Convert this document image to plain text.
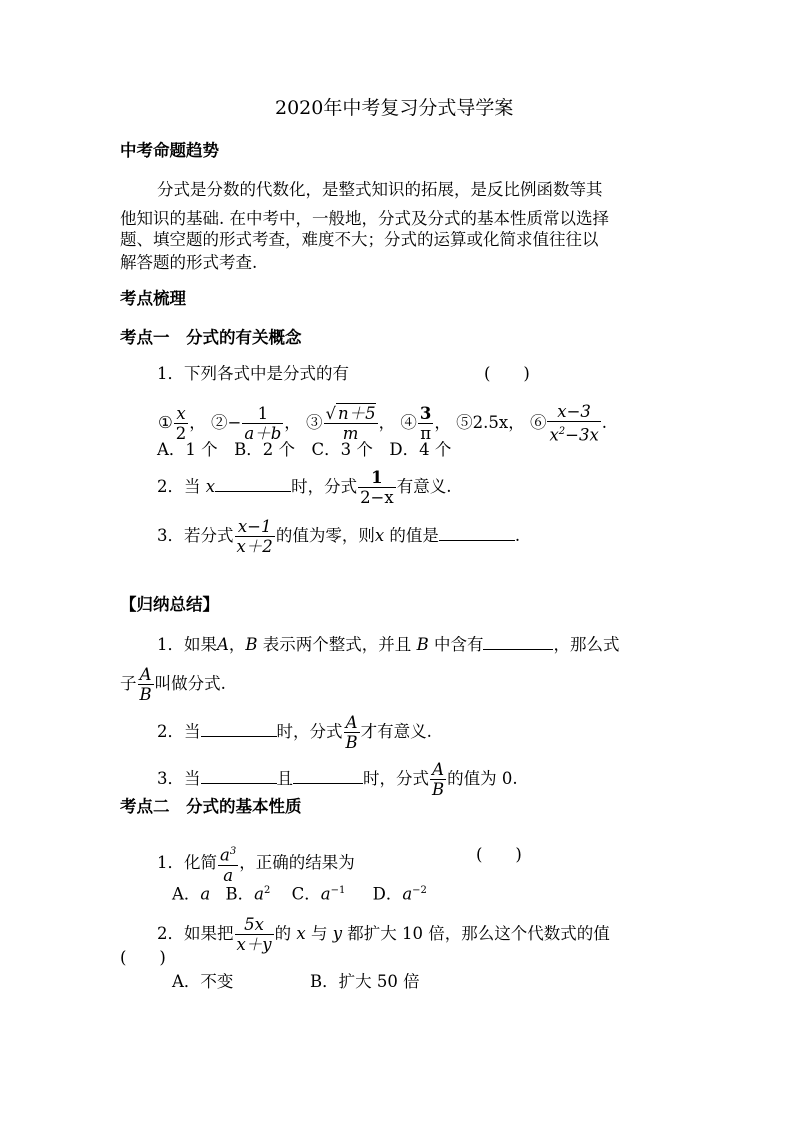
2020年中考复习分式导学案
中考命题趋势
分式是分数的代数化，是整式知识的拓展，是反比例函数等其
他知识的基础. 在中考中，一般地，分式及分式的基本性质常以选择
题、填空题的形式考查，难度不大；分式的运算或化简求值往往以
解答题的形式考查.
考点梳理
考点一　分式的有关概念
1．下列各式中是分式的有	(　　)
① $\frac{x}{2}$ ， ②− $\frac{1}{a+b}$ ， ③ $\frac{√ n+5}{m}$ ， ④ $\frac{3}{\pi}$ ， ⑤2.5x， ⑥ $\frac{x-3}{x^2-3x}$ .
A．1 个　B．2 个　C．3 个　D．4 个
2．当 x	时，分式 $\frac{1}{2-x}$ 有意义.
3．若分式 $\frac{x-1}{x+2}$ 的值为零，则x 的值是	.
【归纳总结】
1．如果A，B 表示两个整式，并且 B 中含有	，那么式
子 $\frac{A}{B}$ 叫做分式.
2．当	时，分式 $\frac{A}{B}$ 才有意义.
3．当	且	时，分式 $\frac{A}{B}$ 的值为 0.
考点二　分式的基本性质
1．化简 $\frac{a^3}{a}$ ，正确的结果为	(　　)
A．a B．$a^2$ C．$a^{-1}$ D．$a^{-2}$
2．如果把 $\frac{5x}{x+y}$ 的 x 与 y 都扩大 10 倍，那么这个代数式的值
(　　)
A．不变	B．扩大 50 倍
